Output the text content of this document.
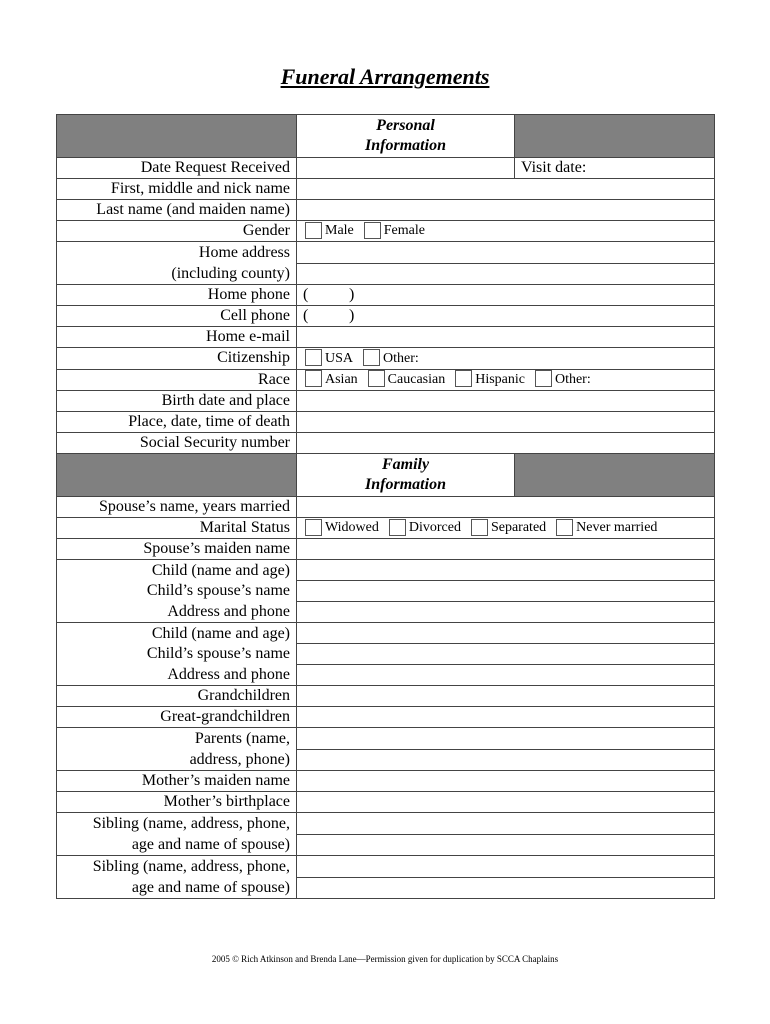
Funeral Arrangements
	Personal
Information	
Date Request Received		Visit date:
First, middle and nick name		
Last name (and maiden name)		
Gender	Male Female	
Home address
(including county)		

Home phone	( )	
Cell phone	( )	
Home e-mail		
Citizenship	USA Other:	
Race	Asian Caucasian Hispanic Other:	
Birth date and place		
Place, date, time of death		
Social Security number		
	Family
Information	
Spouse’s name, years married		
Marital Status	Widowed Divorced Separated Never married	
Spouse’s maiden name		
Child (name and age)
Child’s spouse’s name
Address and phone		

Child (name and age)
Child’s spouse’s name
Address and phone		

Grandchildren		
Great-grandchildren		
Parents (name,
address, phone)		

Mother’s maiden name		
Mother’s birthplace		
Sibling (name, address, phone,
age and name of spouse)		

Sibling (name, address, phone,
age and name of spouse)		

2005 © Rich Atkinson and Brenda Lane—Permission given for duplication by SCCA Chaplains
